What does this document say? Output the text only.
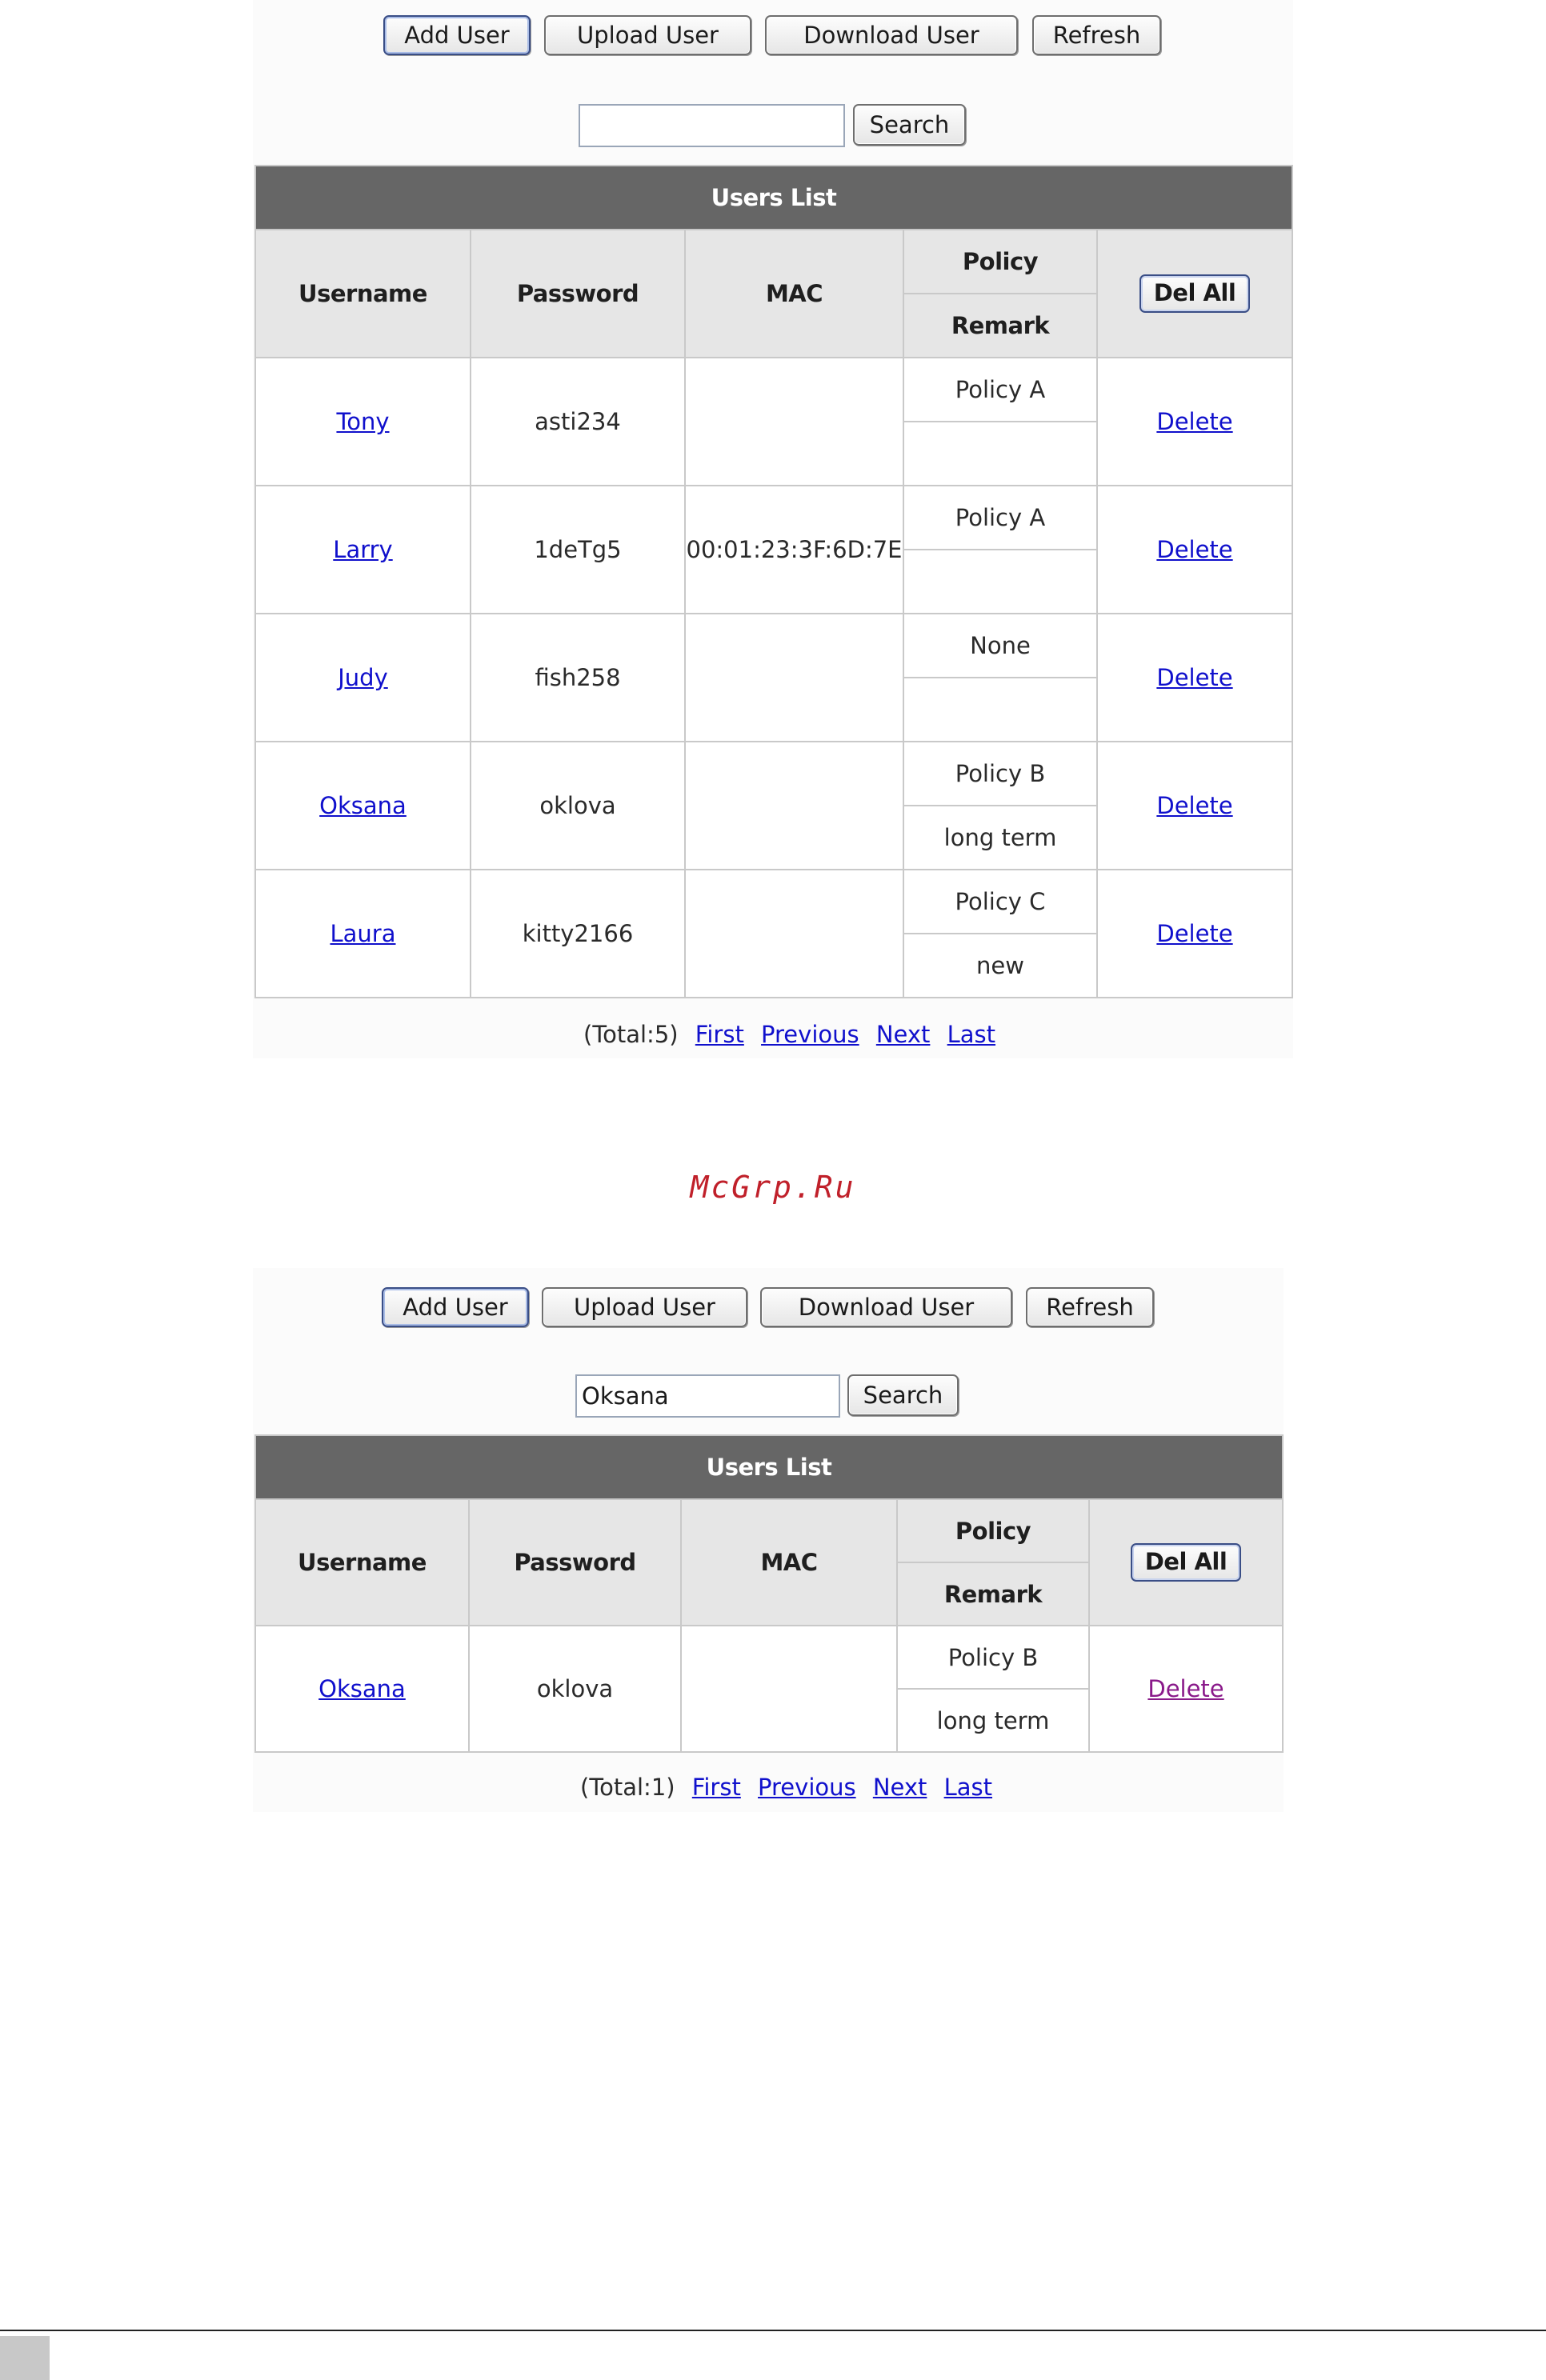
Add User	Upload User	Download User	Refresh
Search
Users List				
Username	Password	MAC	Policy	Del All
			Remark	
Tony	asti234		Policy A	Delete

Larry	1deTg5	00:01:23:3F:6D:7E	Policy A	Delete

Judy	fish258		None	Delete

Oksana	oklova		Policy B	Delete
			long term	
Laura	kitty2166		Policy C	Delete
			new	
(Total:5) First Previous Next Last
McGrp.Ru
Add User	Upload User	Download User	Refresh
Oksana
Search
Users List				
Username	Password	MAC	Policy	Del All
			Remark	
Oksana	oklova		Policy B	Delete
			long term	
(Total:1) First Previous Next Last
